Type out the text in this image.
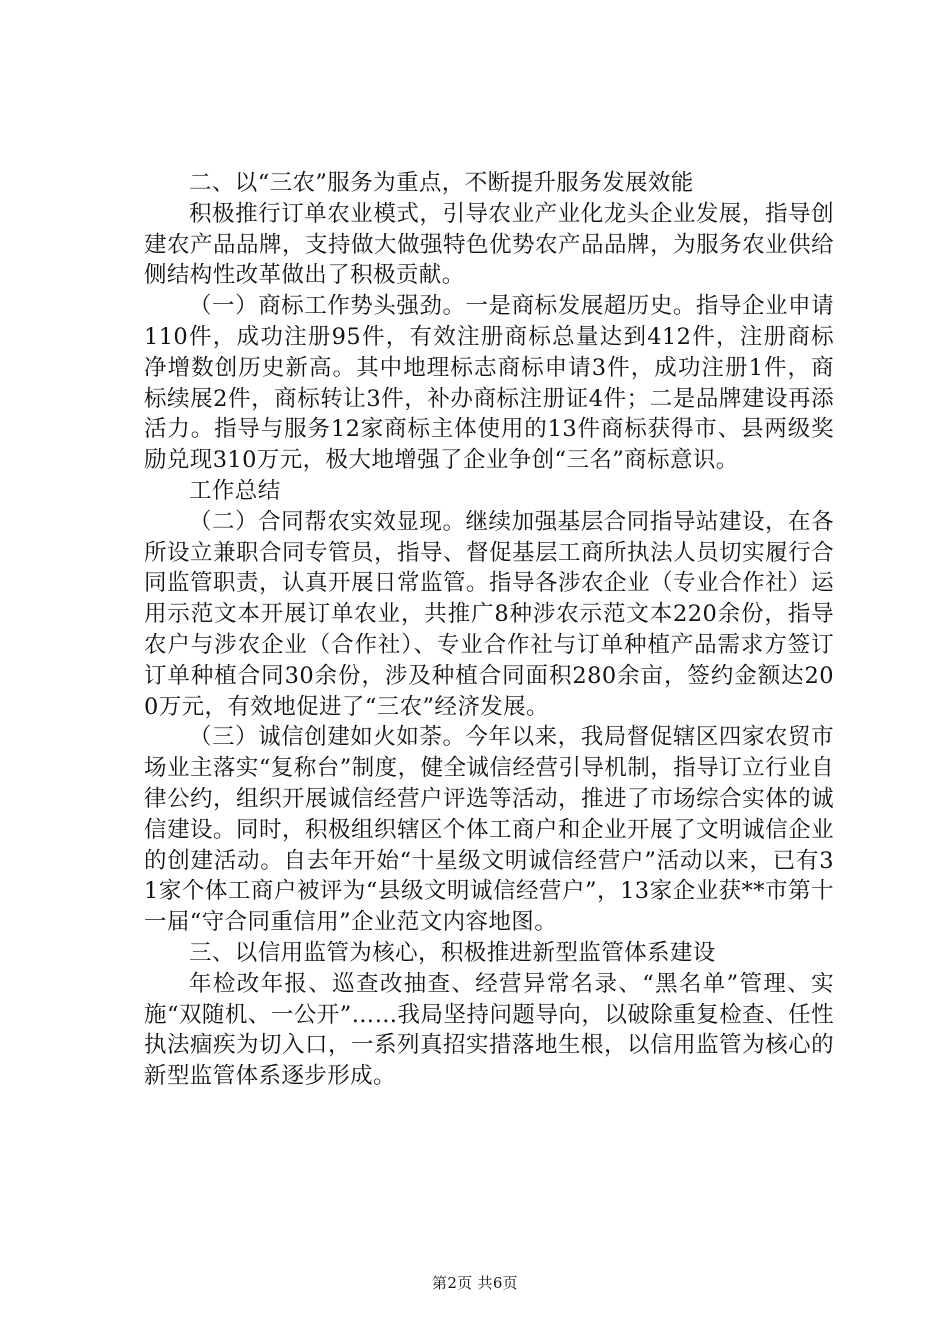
二、以“三农”服务为重点，不断提升服务发展效能

积极推行订单农业模式，引导农业产业化龙头企业发展，指导创建农产品品牌，支持做大做强特色优势农产品品牌，为服务农业供给侧结构性改革做出了积极贡献。

（一）商标工作势头强劲。一是商标发展超历史。指导企业申请110件，成功注册95件，有效注册商标总量达到412件，注册商标净增数创历史新高。其中地理标志商标申请3件，成功注册1件，商标续展2件，商标转让3件，补办商标注册证4件；二是品牌建设再添活力。指导与服务12家商标主体使用的13件商标获得市、县两级奖励兑现310万元，极大地增强了企业争创“三名”商标意识。

工作总结

（二）合同帮农实效显现。继续加强基层合同指导站建设，在各所设立兼职合同专管员，指导、督促基层工商所执法人员切实履行合同监管职责，认真开展日常监管。指导各涉农企业（专业合作社）运用示范文本开展订单农业，共推广8种涉农示范文本220余份，指导农户与涉农企业（合作社）、专业合作社与订单种植产品需求方签订订单种植合同30余份，涉及种植合同面积280余亩，签约金额达200万元，有效地促进了“三农”经济发展。

（三）诚信创建如火如荼。今年以来，我局督促辖区四家农贸市场业主落实“复称台”制度，健全诚信经营引导机制，指导订立行业自律公约，组织开展诚信经营户评选等活动，推进了市场综合实体的诚信建设。同时，积极组织辖区个体工商户和企业开展了文明诚信企业的创建活动。自去年开始“十星级文明诚信经营户”活动以来，已有31家个体工商户被评为“县级文明诚信经营户”，13家企业获**市第十一届“守合同重信用”企业范文内容地图。

三、以信用监管为核心，积极推进新型监管体系建设

年检改年报、巡查改抽查、经营异常名录、“黑名单”管理、实施“双随机、一公开”……我局坚持问题导向，以破除重复检查、任性执法痼疾为切入口，一系列真招实措落地生根，以信用监管为核心的新型监管体系逐步形成。

第2页 共6页
